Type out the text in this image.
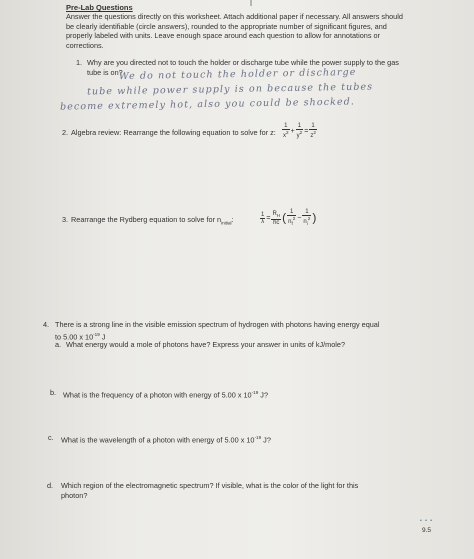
Pre-Lab Questions
Answer the questions directly on this worksheet. Attach additional paper if necessary. All answers should
be clearly identifiable (circle answers), rounded to the appropriate number of significant figures, and
properly labeled with units. Leave enough space around each question to allow for annotations or
corrections.
1. Why are you directed not to touch the holder or discharge tube while the power supply to the gas
tube is on?
We do not touch the holder or discharge
tube while power supply is on because the tubes
become extremely hot, also you could be shocked.
2. Algebra review: Rearrange the following equation to solve for z: $\frac{1}{x^2} + \frac{1}{y^2} = \frac{1}{z^2}$
3. Rearrange the Rydberg equation to solve for $n_{initial}$:	$\frac{1}{\lambda} = \frac{R_H}{hc}$ ( $\frac{1}{n_f^2} - \frac{1}{n_i^2}$ )
4. There is a strong line in the visible emission spectrum of hydrogen with photons having energy equal
to 5.00 x $10^{-19}$ J
a. What energy would a mole of photons have? Express your answer in units of kJ/mole?
b. What is the frequency of a photon with energy of 5.00 x $10^{-19}$ J?
c. What is the wavelength of a photon with energy of 5.00 x $10^{-19}$ J?
d. Which region of the electromagnetic spectrum? If visible, what is the color of the light for this
photon?
• • •
9.5
